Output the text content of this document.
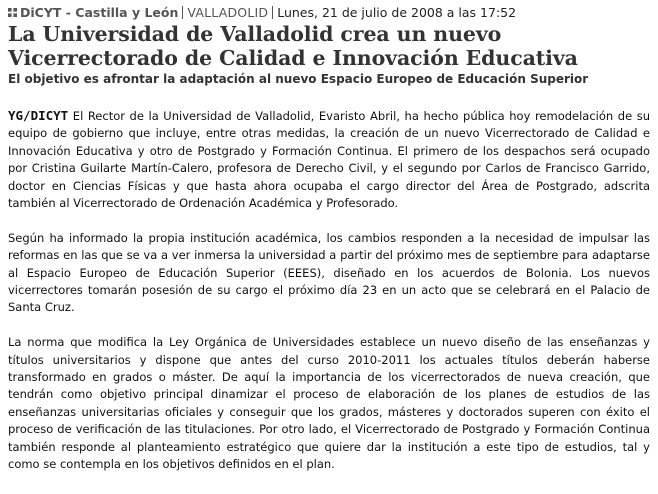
DiCYT - Castilla y León VALLADOLID Lunes, 21 de julio de 2008 a las 17:52
La Universidad de Valladolid crea un nuevo Vicerrectorado de Calidad e Innovación Educativa
El objetivo es afrontar la adaptación al nuevo Espacio Europeo de Educación Superior

YG/DICYT El Rector de la Universidad de Valladolid, Evaristo Abril, ha hecho pública hoy remodelación de su equipo de gobierno que incluye, entre otras medidas, la creación de un nuevo Vicerrectorado de Calidad e Innovación Educativa y otro de Postgrado y Formación Continua. El primero de los despachos será ocupado por Cristina Guilarte Martín-Calero, profesora de Derecho Civil, y el segundo por Carlos de Francisco Garrido, doctor en Ciencias Físicas y que hasta ahora ocupaba el cargo director del Área de Postgrado, adscrita también al Vicerrectorado de Ordenación Académica y Profesorado.

Según ha informado la propia institución académica, los cambios responden a la necesidad de impulsar las reformas en las que se va a ver inmersa la universidad a partir del próximo mes de septiembre para adaptarse al Espacio Europeo de Educación Superior (EEES), diseñado en los acuerdos de Bolonia. Los nuevos vicerrectores tomarán posesión de su cargo el próximo día 23 en un acto que se celebrará en el Palacio de Santa Cruz.

La norma que modifica la Ley Orgánica de Universidades establece un nuevo diseño de las enseñanzas y títulos universitarios y dispone que antes del curso 2010-2011 los actuales títulos deberán haberse transformado en grados o máster. De aquí la importancia de los vicerrectorados de nueva creación, que tendrán como objetivo principal dinamizar el proceso de elaboración de los planes de estudios de las enseñanzas universitarias oficiales y conseguir que los grados, másteres y doctorados superen con éxito el proceso de verificación de las titulaciones. Por otro lado, el Vicerrectorado de Postgrado y Formación Continua también responde al planteamiento estratégico que quiere dar la institución a este tipo de estudios, tal y como se contempla en los objetivos definidos en el plan.
